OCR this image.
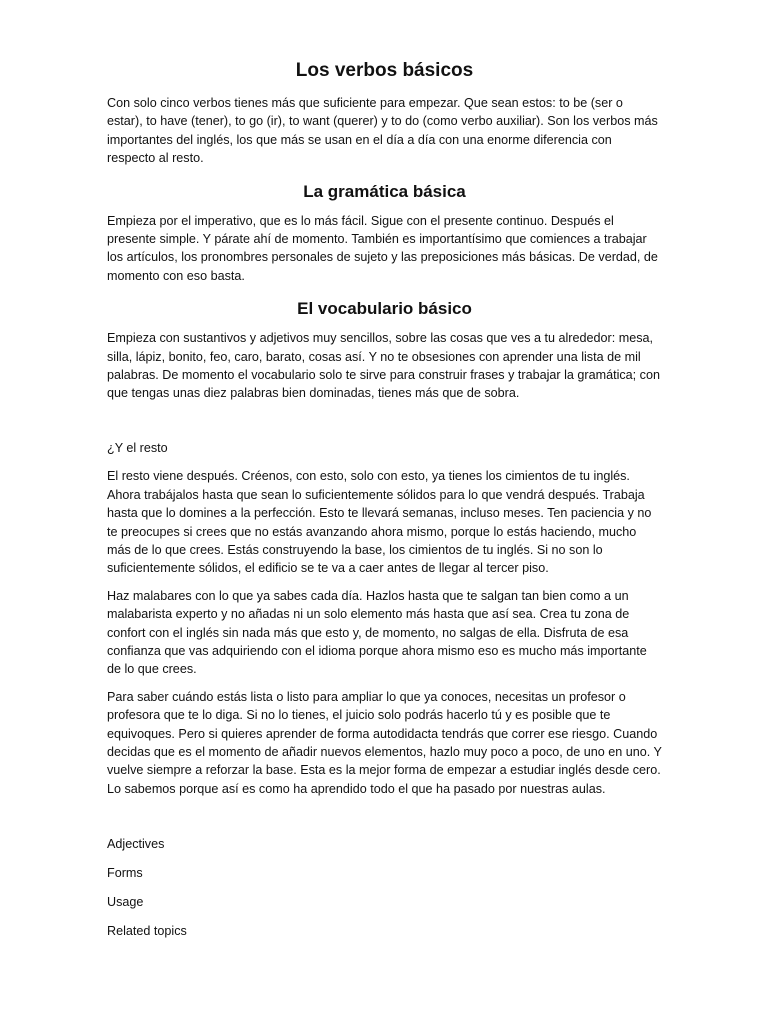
Los verbos básicos

Con solo cinco verbos tienes más que suficiente para empezar. Que sean estos: to be (ser o estar), to have (tener), to go (ir), to want (querer) y to do (como verbo auxiliar). Son los verbos más importantes del inglés, los que más se usan en el día a día con una enorme diferencia con respecto al resto.

La gramática básica

Empieza por el imperativo, que es lo más fácil. Sigue con el presente continuo. Después el presente simple. Y párate ahí de momento. También es importantísimo que comiences a trabajar los artículos, los pronombres personales de sujeto y las preposiciones más básicas. De verdad, de momento con eso basta.

El vocabulario básico

Empieza con sustantivos y adjetivos muy sencillos, sobre las cosas que ves a tu alrededor: mesa, silla, lápiz, bonito, feo, caro, barato, cosas así. Y no te obsesiones con aprender una lista de mil palabras. De momento el vocabulario solo te sirve para construir frases y trabajar la gramática; con que tengas unas diez palabras bien dominadas, tienes más que de sobra.

¿Y el resto

El resto viene después. Créenos, con esto, solo con esto, ya tienes los cimientos de tu inglés. Ahora trabájalos hasta que sean lo suficientemente sólidos para lo que vendrá después. Trabaja hasta que lo domines a la perfección. Esto te llevará semanas, incluso meses. Ten paciencia y no te preocupes si crees que no estás avanzando ahora mismo, porque lo estás haciendo, mucho más de lo que crees. Estás construyendo la base, los cimientos de tu inglés. Si no son lo suficientemente sólidos, el edificio se te va a caer antes de llegar al tercer piso.

Haz malabares con lo que ya sabes cada día. Hazlos hasta que te salgan tan bien como a un malabarista experto y no añadas ni un solo elemento más hasta que así sea. Crea tu zona de confort con el inglés sin nada más que esto y, de momento, no salgas de ella. Disfruta de esa confianza que vas adquiriendo con el idioma porque ahora mismo eso es mucho más importante de lo que crees.

Para saber cuándo estás lista o listo para ampliar lo que ya conoces, necesitas un profesor o profesora que te lo diga. Si no lo tienes, el juicio solo podrás hacerlo tú y es posible que te equivoques. Pero si quieres aprender de forma autodidacta tendrás que correr ese riesgo. Cuando decidas que es el momento de añadir nuevos elementos, hazlo muy poco a poco, de uno en uno. Y vuelve siempre a reforzar la base. Esta es la mejor forma de empezar a estudiar inglés desde cero. Lo sabemos porque así es como ha aprendido todo el que ha pasado por nuestras aulas.

Adjectives
Forms
Usage
Related topics
